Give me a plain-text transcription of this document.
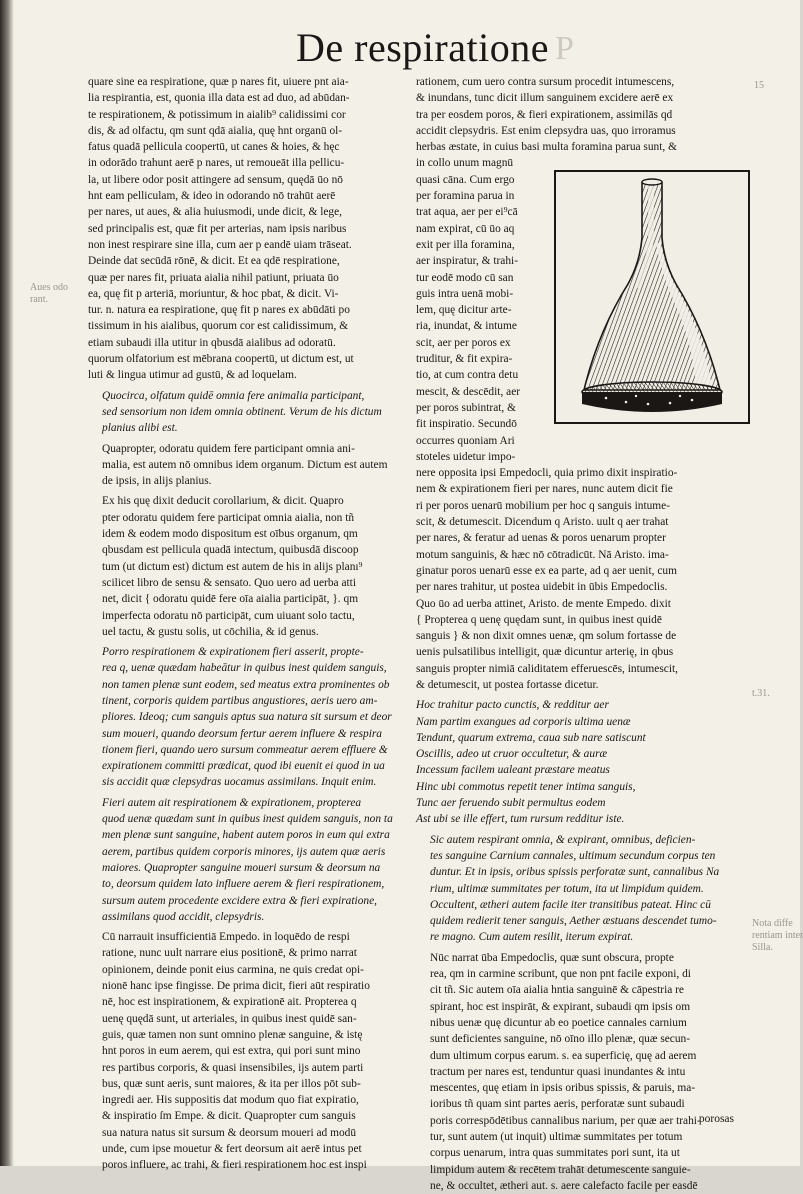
P
De respiratione
15
Aues odo
rant.
t.31.
Nota diffe
rentiam inter
Silla.

quare sine ea respiratione, quæ p nares fit, uiuere pnt aia-

lia respirantia, est, quonia illa data est ad duo, ad abūdan-

te respirationem, & potissimum in aialib⁹ calidissimi cor

dis, & ad olfactu, qm sunt qdā aialia, quę hnt organū ol-

fatus quadā pellicula coopertū, ut canes & hoies, & hęc

in odorādo trahunt aerē p nares, ut remoueāt illa pellicu-

la, ut libere odor posit attingere ad sensum, quędā ūo nō

hnt eam pelliculam, & ideo in odorando nō trahūt aerē

per nares, ut aues, & alia huiusmodi, unde dicit, & lege,

sed principalis est, quæ fit per arterias, nam ipsis naribus

non inest respirare sine illa, cum aer p eandē uiam trāseat.

Deinde dat secūdā rōnē, & dicit. Et ea qdē respiratione,

quæ per nares fit, priuata aialia nihil patiunt, priuata ūo

ea, quę fit p arteriā, moriuntur, & hoc pbat, & dicit. Vi-

tur. n. natura ea respiratione, quę fit p nares ex abūdāti po

tissimum in his aialibus, quorum cor est calidissimum, &

etiam subaudi illa utitur in qbusdā aialibus ad odoratū.

quorum olfatorium est mēbrana coopertū, ut dictum est, ut

luti & lingua utimur ad gustū, & ad loquelam.

Quocirca, olfatum quidē omnia fere animalia participant,

sed sensorium non idem omnia obtinent. Verum de his dictum

planius alibi est.

Quapropter, odoratu quidem fere participant omnia ani-

malia, est autem nō omnibus idem organum. Dictum est autem

de ipsis, in alijs planius.

Ex his quę dixit deducit corollarium, & dicit. Quapro

pter odoratu quidem fere participat omnia aialia, non tñ

idem & eodem modo dispositum est oībus organum, qm

qbusdam est pellicula quadā intectum, quibusdā discoop

tum (ut dictum est) dictum est autem de his in alijs planı⁹

scilicet libro de sensu & sensato. Quo uero ad uerba atti

net, dicit { odoratu quidē fere oīa aialia participāt, }. qm

imperfecta odoratu nō participāt, cum uiuant solo tactu,

uel tactu, & gustu solis, ut cōchilia, & id genus.

Porro respirationem & expirationem fieri asserit, propte-

rea q, uenæ quædam habeātur in quibus inest quidem sanguis,

non tamen plenæ sunt eodem, sed meatus extra prominentes ob

tinent, corporis quidem partibus angustiores, aeris uero am-

pliores. Ideoq; cum sanguis aptus sua natura sit sursum et deor

sum moueri, quando deorsum fertur aerem influere & respira

tionem fieri, quando uero sursum commeatur aerem effluere &

expirationem committi prædicat, quod ibi euenit ei quod in ua

sis accidit quæ clepsydras uocamus assimilans. Inquit enim.

Fieri autem ait respirationem & expirationem, propterea

quod uenæ quædam sunt in quibus inest quidem sanguis, non ta

men plenæ sunt sanguine, habent autem poros in eum qui extra

aerem, partibus quidem corporis minores, ijs autem quæ aeris

maiores. Quapropter sanguine moueri sursum & deorsum na

to, deorsum quidem lato influere aerem & fieri respirationem,

sursum autem procedente excidere extra & fieri expiratione,

assimilans quod accidit, clepsydris.

Cū narrauit insufficientiā Empedo. in loquēdo de respi

ratione, nunc uult narrare eius positionē, & primo narrat

opinionem, deinde ponit eius carmina, ne quis credat opi-

nionē hanc ipse fingisse. De prima dicit, fieri aūt respiratio

nē, hoc est inspirationem, & expirationē ait. Propterea q

uenę quędā sunt, ut arteriales, in quibus inest quidē san-

guis, quæ tamen non sunt omnino plenæ sanguine, & istę

hnt poros in eum aerem, qui est extra, qui pori sunt mino

res partibus corporis, & quasi insensibiles, ijs autem parti

bus, quæ sunt aeris, sunt maiores, & ita per illos pōt sub-

ingredi aer. His suppositis dat modum quo fiat expiratio,

& inspiratio ſm Empe. & dicit. Quapropter cum sanguis

sua natura natus sit sursum & deorsum moueri ad modū

unde, cum ipse mouetur & fert deorsum ait aerē intus pet

poros influere, ac trahi, & fieri respirationem hoc est inspi

rationem, cum uero contra sursum procedit intumescens,

& inundans, tunc dicit illum sanguinem excidere aerē ex

tra per eosdem poros, & fieri expirationem, assimilās qd

accidit clepsydris. Est enim clepsydra uas, quo irroramus

herbas æstate, in cuius basi multa foramina parua sunt, &

in collo unum magnū

quasi cāna. Cum ergo

per foramina parua in

trat aqua, aer per ei⁹cā

nam expirat, cū ūo aq

exit per illa foramina,

aer inspiratur, & trahi-

tur eodē modo cū san

guis intra uenā mobi-

lem, quę dicitur arte-

ria, inundat, & intume

scit, aer per poros ex

truditur, & fit expira-

tio, at cum contra detu

mescit, & descēdit, aer

per poros subintrat, &

fit inspiratio. Secundō

occurres quoniam Ari

stoteles uidetur impo-

nere opposita ipsi Empedocli, quia primo dixit inspiratio-

nem & expirationem fieri per nares, nunc autem dicit fie

ri per poros uenarū mobilium per hoc q sanguis intume-

scit, & detumescit. Dicendum q Aristo. uult q aer trahat

per nares, & feratur ad uenas & poros uenarum propter

motum sanguinis, & hæc nō cōtradicūt. Nā Aristo. ima-

ginatur poros uenarū esse ex ea parte, ad q aer uenit, cum

per nares trahitur, ut postea uidebit in ūbis Empedoclis.

Quo ūo ad uerba attinet, Aristo. de mente Empedo. dixit

{ Propterea q uenę quędam sunt, in quibus inest quidē

sanguis } & non dixit omnes uenæ, qm solum fortasse de

uenis pulsatilibus intelligit, quæ dicuntur arterię, in qbus

sanguis propter nimiā caliditatem efferuescēs, intumescit,

& detumescit, ut postea fortasse dicetur.

Hoc trahitur pacto cunctis, & redditur aer

Nam partim exangues ad corporis ultima uenæ

Tendunt, quarum extrema, caua sub nare satiscunt

Oscillis, adeo ut cruor occultetur, & auræ

Incessum facilem ualeant præstare meatus

Hinc ubi commotus repetit tener intima sanguis,

Tunc aer feruendo subit permultus eodem

Ast ubi se ille effert, tum rursum redditur iste.

Sic autem respirant omnia, & expirant, omnibus, deficien-

tes sanguine Carnium cannales, ultimum secundum corpus ten

duntur. Et in ipsis, oribus spissis perforatæ sunt, cannalibus Na

rium, ultimæ summitates per totum, ita ut limpidum quidem.

Occultent, ætheri autem facile iter transitibus pateat. Hinc cū

quidem redierit tener sanguis, Aether æstuans descendet tumo-

re magno. Cum autem resilit, iterum expirat.

Nūc narrat ūba Empedoclis, quæ sunt obscura, propte

rea, qm in carmine scribunt, que non pnt facile exponi, di

cit tñ. Sic autem oīa aialia hntia sanguinē & cāpestria re

spirant, hoc est inspirāt, & expirant, subaudi qm ipsis om

nibus uenæ quę dicuntur ab eo poetice cannales carnium

sunt deficientes sanguine, nō oīno illo plenæ, quæ secun-

dum ultimum corpus earum. s. ea superficię, quę ad aerem

tractum per nares est, tenduntur quasi inundantes & intu

mescentes, quę etiam in ipsis oribus spissis, & paruis, ma-

ioribus tñ quam sint partes aeris, perforatæ sunt subaudi

poris correspōdētibus cannalibus narium, per quæ aer trahi-

tur, sunt autem (ut inquit) ultimæ summitates per totum

corpus uenarum, intra quas summitates pori sunt, ita ut

limpidum autem & recētem trahāt detumescente sanguie-

ne, & occultet, ætheri aut. s. aere calefacto facile per easdē

porosas
